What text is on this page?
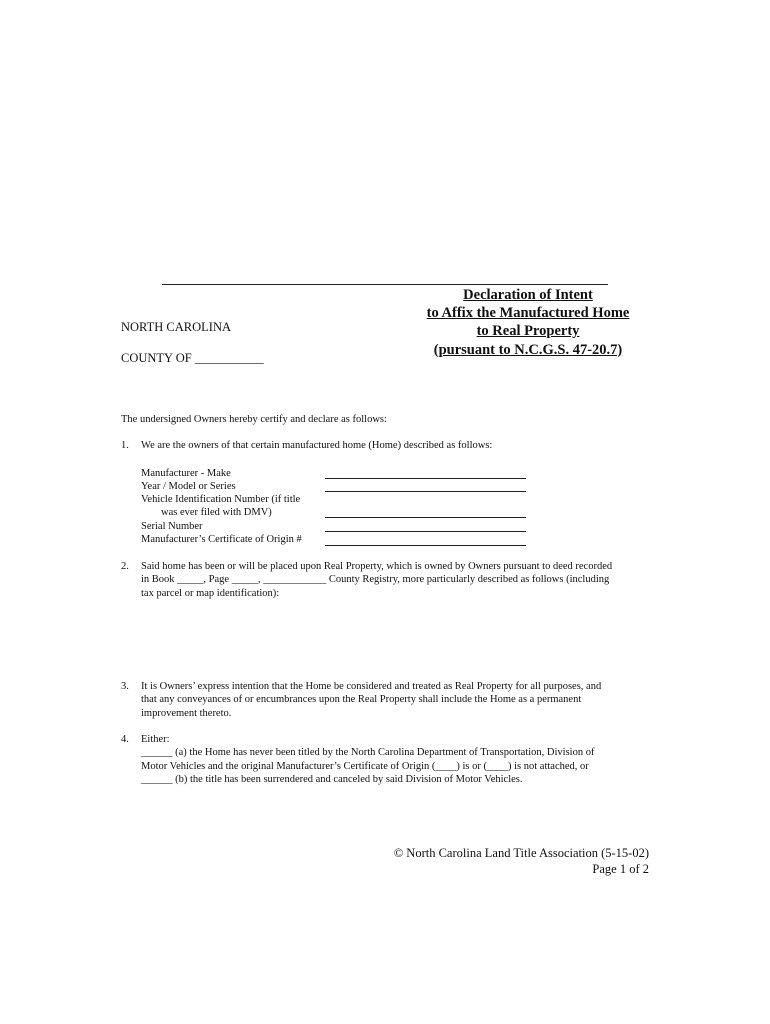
Declaration of Intent
to Affix the Manufactured Home
to Real Property
(pursuant to N.C.G.S. 47-20.7)
NORTH CAROLINA
COUNTY OF ___________
The undersigned Owners hereby certify and declare as follows:
1. We are the owners of that certain manufactured home (Home) described as follows:
Manufacturer - Make
Year / Model or Series
Vehicle Identification Number (if title
was ever filed with DMV)
Serial Number
Manufacturer’s Certificate of Origin #
2. Said home has been or will be placed upon Real Property, which is owned by Owners pursuant to deed recorded
in Book _____, Page _____, ____________ County Registry, more particularly described as follows (including
tax parcel or map identification):
3. It is Owners’ express intention that the Home be considered and treated as Real Property for all purposes, and
that any conveyances of or encumbrances upon the Real Property shall include the Home as a permanent
improvement thereto.
4. Either:
______ (a) the Home has never been titled by the North Carolina Department of Transportation, Division of
Motor Vehicles and the original Manufacturer’s Certificate of Origin (____) is or (____) is not attached, or
______ (b) the title has been surrendered and canceled by said Division of Motor Vehicles.
© North Carolina Land Title Association (5-15-02)
Page 1 of 2
